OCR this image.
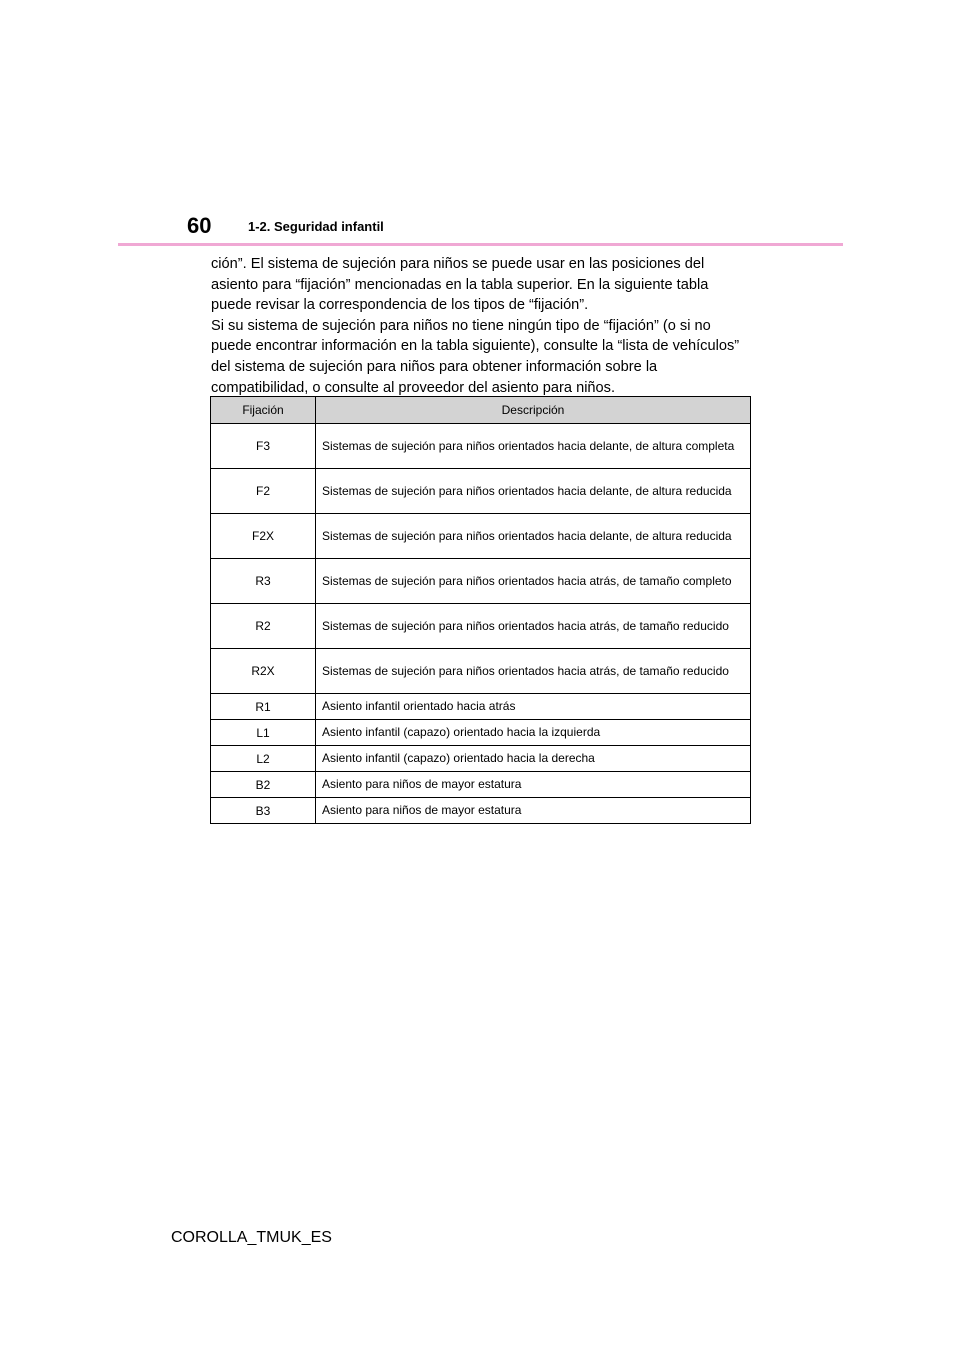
60	1-2. Seguridad infantil

ción”. El sistema de sujeción para niños se puede usar en las posiciones del asiento para “fijación” mencionadas en la tabla superior. En la siguiente tabla puede revisar la correspondencia de los tipos de “fijación”.

Si su sistema de sujeción para niños no tiene ningún tipo de “fijación” (o si no puede encontrar información en la tabla siguiente), consulte la “lista de vehículos” del sistema de sujeción para niños para obtener información sobre la compatibilidad, o consulte al proveedor del asiento para niños.

Fijación	Descripción
F3	Sistemas de sujeción para niños orientados hacia delante, de altura completa
F2	Sistemas de sujeción para niños orientados hacia delante, de altura reducida
F2X	Sistemas de sujeción para niños orientados hacia delante, de altura reducida
R3	Sistemas de sujeción para niños orientados hacia atrás, de tamaño completo
R2	Sistemas de sujeción para niños orientados hacia atrás, de tamaño reducido
R2X	Sistemas de sujeción para niños orientados hacia atrás, de tamaño reducido
R1	Asiento infantil orientado hacia atrás
L1	Asiento infantil (capazo) orientado hacia la izquierda
L2	Asiento infantil (capazo) orientado hacia la derecha
B2	Asiento para niños de mayor estatura
B3	Asiento para niños de mayor estatura
COROLLA_TMUK_ES
